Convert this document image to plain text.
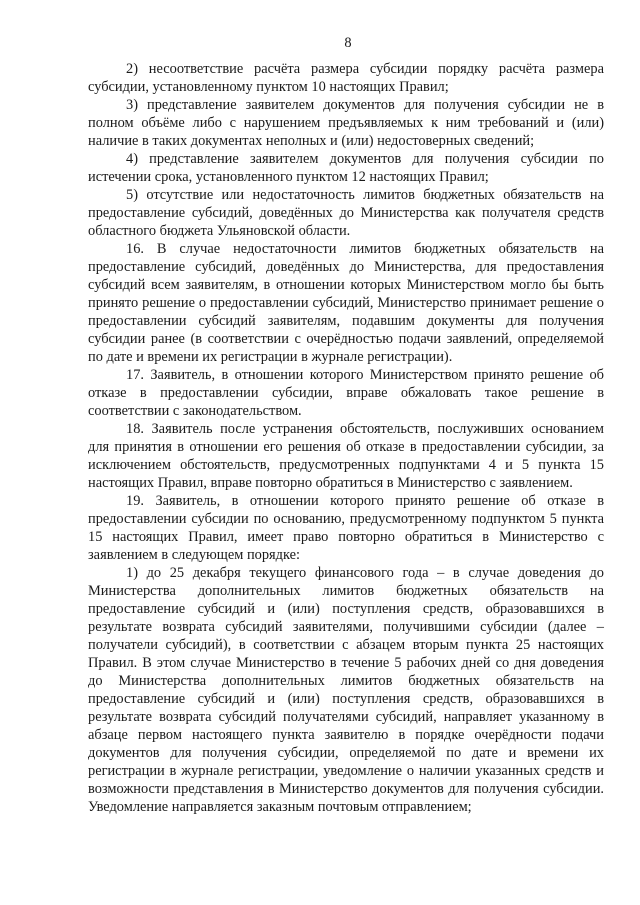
8

2) несоответствие расчёта размера субсидии порядку расчёта размера субсидии, установленному пунктом 10 настоящих Правил;

3) представление заявителем документов для получения субсидии не в полном объёме либо с нарушением предъявляемых к ним требований и (или) наличие в таких документах неполных и (или) недостоверных сведений;

4) представление заявителем документов для получения субсидии по истечении срока, установленного пунктом 12 настоящих Правил;

5) отсутствие или недостаточность лимитов бюджетных обязательств на предоставление субсидий, доведённых до Министерства как получателя средств областного бюджета Ульяновской области.

16. В случае недостаточности лимитов бюджетных обязательств на предоставление субсидий, доведённых до Министерства, для предоставления субсидий всем заявителям, в отношении которых Министерством могло бы быть принято решение о предоставлении субсидий, Министерство принимает решение о предоставлении субсидий заявителям, подавшим документы для получения субсидии ранее (в соответствии с очерёдностью подачи заявлений, определяемой по дате и времени их регистрации в журнале регистрации).

17. Заявитель, в отношении которого Министерством принято решение об отказе в предоставлении субсидии, вправе обжаловать такое решение в соответствии с законодательством.

18. Заявитель после устранения обстоятельств, послуживших основанием для принятия в отношении его решения об отказе в предоставлении субсидии, за исключением обстоятельств, предусмотренных подпунктами 4 и 5 пункта 15 настоящих Правил, вправе повторно обратиться в Министерство с заявлением.

19. Заявитель, в отношении которого принято решение об отказе в предоставлении субсидии по основанию, предусмотренному подпунктом 5 пункта 15 настоящих Правил, имеет право повторно обратиться в Министерство с заявлением в следующем порядке:

1) до 25 декабря текущего финансового года – в случае доведения до Министерства дополнительных лимитов бюджетных обязательств на предоставление субсидий и (или) поступления средств, образовавшихся в результате возврата субсидий заявителями, получившими субсидии (далее – получатели субсидий), в соответствии с абзацем вторым пункта 25 настоящих Правил. В этом случае Министерство в течение 5 рабочих дней со дня доведения до Министерства дополнительных лимитов бюджетных обязательств на предоставление субсидий и (или) поступления средств, образовавшихся в результате возврата субсидий получателями субсидий, направляет указанному в абзаце первом настоящего пункта заявителю в порядке очерёдности подачи документов для получения субсидии, определяемой по дате и времени их регистрации в журнале регистрации, уведомление о наличии указанных средств и возможности представления в Министерство документов для получения субсидии. Уведомление направляется заказным почтовым отправлением;
